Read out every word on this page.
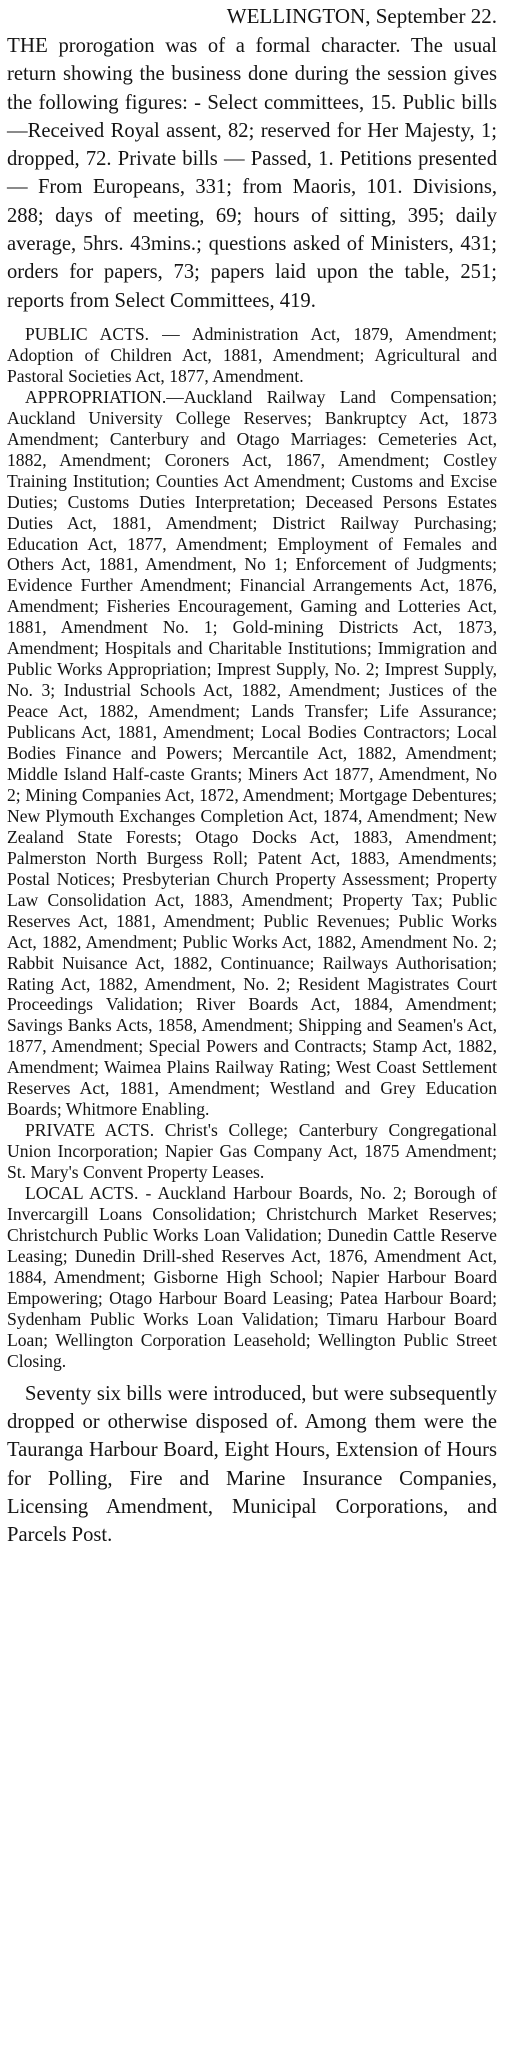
WELLINGTON, September 22.

THE prorogation was of a formal character. The usual return showing the business done during the session gives the following figures: - Select committees, 15. Public bills—Received Royal assent, 82; reserved for Her Majesty, 1; dropped, 72. Private bills — Passed, 1. Petitions presented — From Europeans, 331; from Maoris, 101. Divisions, 288; days of meeting, 69; hours of sitting, 395; daily average, 5hrs. 43mins.; questions asked of Ministers, 431; orders for papers, 73; papers laid upon the table, 251; reports from Select Committees, 419.

PUBLIC ACTS. — Administration Act, 1879, Amendment; Adoption of Children Act, 1881, Amendment; Agricultural and Pastoral Societies Act, 1877, Amendment.

APPROPRIATION.—Auckland Railway Land Compensation; Auckland University College Reserves; Bankruptcy Act, 1873 Amendment; Canterbury and Otago Marriages: Cemeteries Act, 1882, Amendment; Coroners Act, 1867, Amendment; Costley Training Institution; Counties Act Amendment; Customs and Excise Duties; Customs Duties Interpretation; Deceased Persons Estates Duties Act, 1881, Amendment; District Railway Purchasing; Education Act, 1877, Amendment; Employment of Females and Others Act, 1881, Amendment, No 1; Enforcement of Judgments; Evidence Further Amendment; Financial Arrangements Act, 1876, Amendment; Fisheries Encouragement, Gaming and Lotteries Act, 1881, Amendment No. 1; Gold-mining Districts Act, 1873, Amendment; Hospitals and Charitable Institutions; Immigration and Public Works Appropriation; Imprest Supply, No. 2; Imprest Supply, No. 3; Industrial Schools Act, 1882, Amendment; Justices of the Peace Act, 1882, Amendment; Lands Transfer; Life Assurance; Publicans Act, 1881, Amendment; Local Bodies Contractors; Local Bodies Finance and Powers; Mercantile Act, 1882, Amendment; Middle Island Half-caste Grants; Miners Act 1877, Amendment, No 2; Mining Companies Act, 1872, Amendment; Mortgage Debentures; New Plymouth Exchanges Completion Act, 1874, Amendment; New Zealand State Forests; Otago Docks Act, 1883, Amendment; Palmerston North Burgess Roll; Patent Act, 1883, Amendments; Postal Notices; Presbyterian Church Property Assessment; Property Law Consolidation Act, 1883, Amendment; Property Tax; Public Reserves Act, 1881, Amendment; Public Revenues; Public Works Act, 1882, Amendment; Public Works Act, 1882, Amendment No. 2; Rabbit Nuisance Act, 1882, Continuance; Railways Authorisation; Rating Act, 1882, Amendment, No. 2; Resident Magistrates Court Proceedings Validation; River Boards Act, 1884, Amendment; Savings Banks Acts, 1858, Amendment; Shipping and Seamen's Act, 1877, Amendment; Special Powers and Contracts; Stamp Act, 1882, Amendment; Waimea Plains Railway Rating; West Coast Settlement Reserves Act, 1881, Amendment; Westland and Grey Education Boards; Whitmore Enabling.

PRIVATE ACTS. Christ's College; Canterbury Congregational Union Incorporation; Napier Gas Company Act, 1875 Amendment; St. Mary's Convent Property Leases.

LOCAL ACTS. - Auckland Harbour Boards, No. 2; Borough of Invercargill Loans Consolidation; Christchurch Market Reserves; Christchurch Public Works Loan Validation; Dunedin Cattle Reserve Leasing; Dunedin Drill-shed Reserves Act, 1876, Amendment Act, 1884, Amendment; Gisborne High School; Napier Harbour Board Empowering; Otago Harbour Board Leasing; Patea Harbour Board; Sydenham Public Works Loan Validation; Timaru Harbour Board Loan; Wellington Corporation Leasehold; Wellington Public Street Closing.

Seventy six bills were introduced, but were subsequently dropped or otherwise disposed of. Among them were the Tauranga Harbour Board, Eight Hours, Extension of Hours for Polling, Fire and Marine Insurance Companies, Licensing Amendment, Municipal Corporations, and Parcels Post.
